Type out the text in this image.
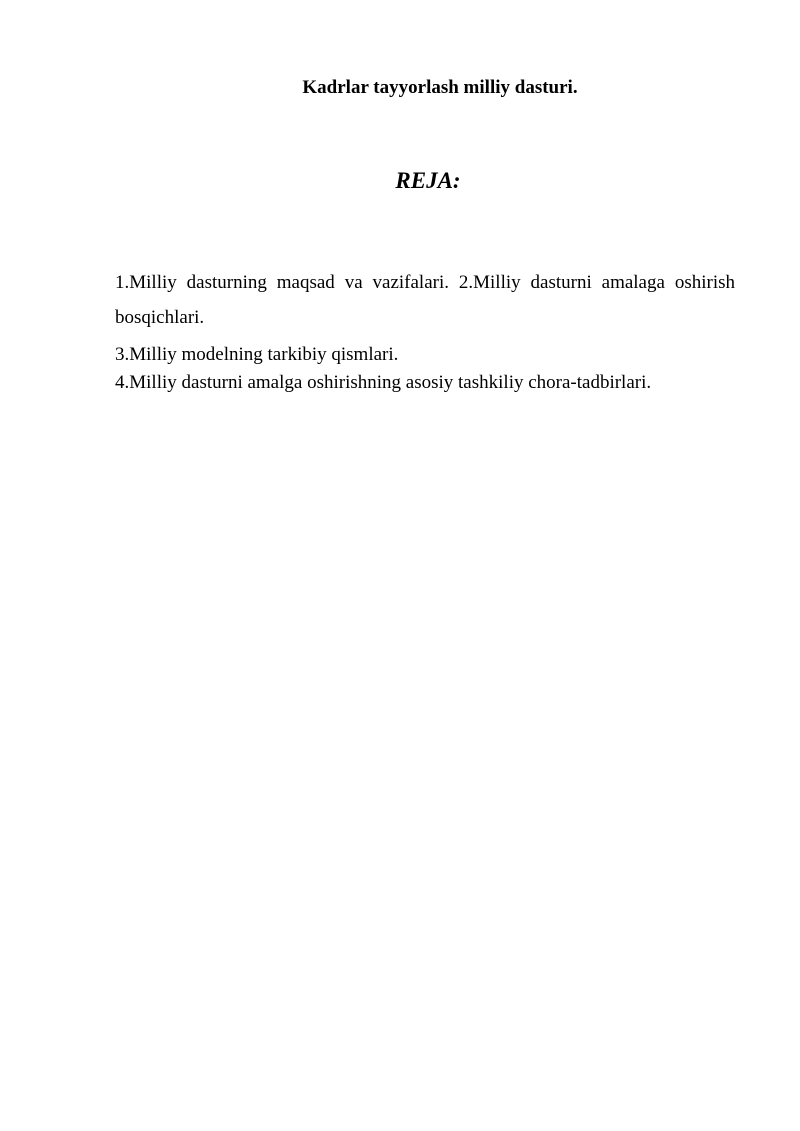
Kadrlar tayyorlash milliy dasturi.
REJA:

1.Milliy dasturning maqsad va vazifalari. 2.Milliy dasturni amalaga oshirish bosqichlari.

3.Milliy modelning tarkibiy qismlari.

4.Milliy dasturni amalga oshirishning asosiy tashkiliy chora-tadbirlari.
